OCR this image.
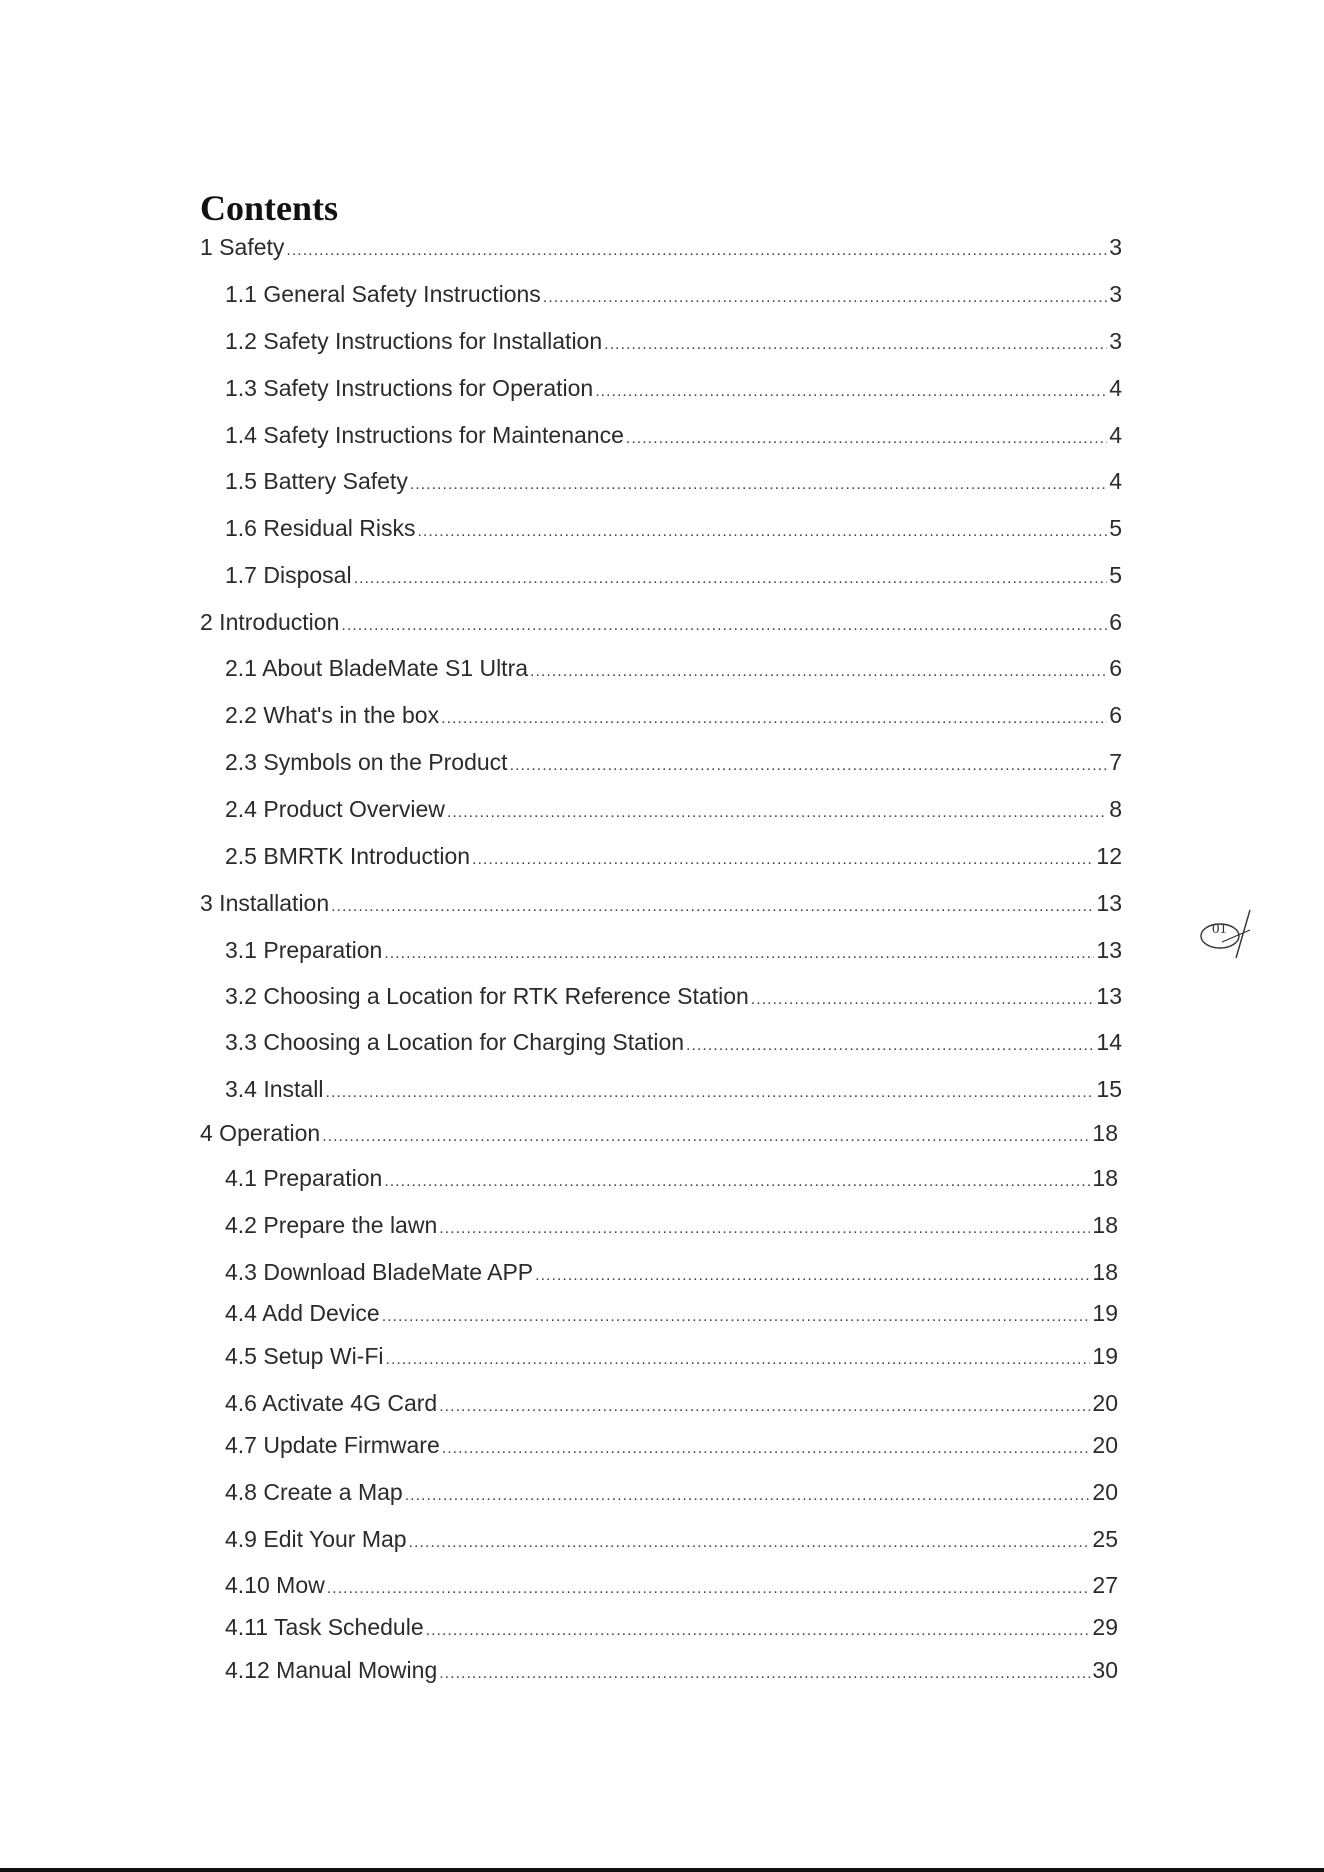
Contents
1 Safety .....	3
1.1 General Safety Instructions .....	3
1.2 Safety Instructions for Installation .....	3
1.3 Safety Instructions for Operation .....	4
1.4 Safety Instructions for Maintenance .....	4
1.5 Battery Safety .....	4
1.6 Residual Risks .....	5
1.7 Disposal .....	5
2 Introduction .....	6
2.1 About BladeMate S1 Ultra .....	6
2.2 What's in the box .....	6
2.3 Symbols on the Product .....	7
2.4 Product Overview .....	8
2.5 BMRTK Introduction .....	12
3 Installation .....	13
3.1 Preparation .....	13
3.2 Choosing a Location for RTK Reference Station .....	13
3.3 Choosing a Location for Charging Station .....	14
3.4 Install .....	15
4 Operation .....	18
4.1 Preparation .....	18
4.2 Prepare the lawn .....	18
4.3 Download BladeMate APP .....	18
4.4 Add Device .....	19
4.5 Setup Wi-Fi .....	19
4.6 Activate 4G Card .....	20
4.7 Update Firmware .....	20
4.8 Create a Map .....	20
4.9 Edit Your Map .....	25
4.10 Mow .....	27
4.11 Task Schedule .....	29
4.12 Manual Mowing .....	30
01
